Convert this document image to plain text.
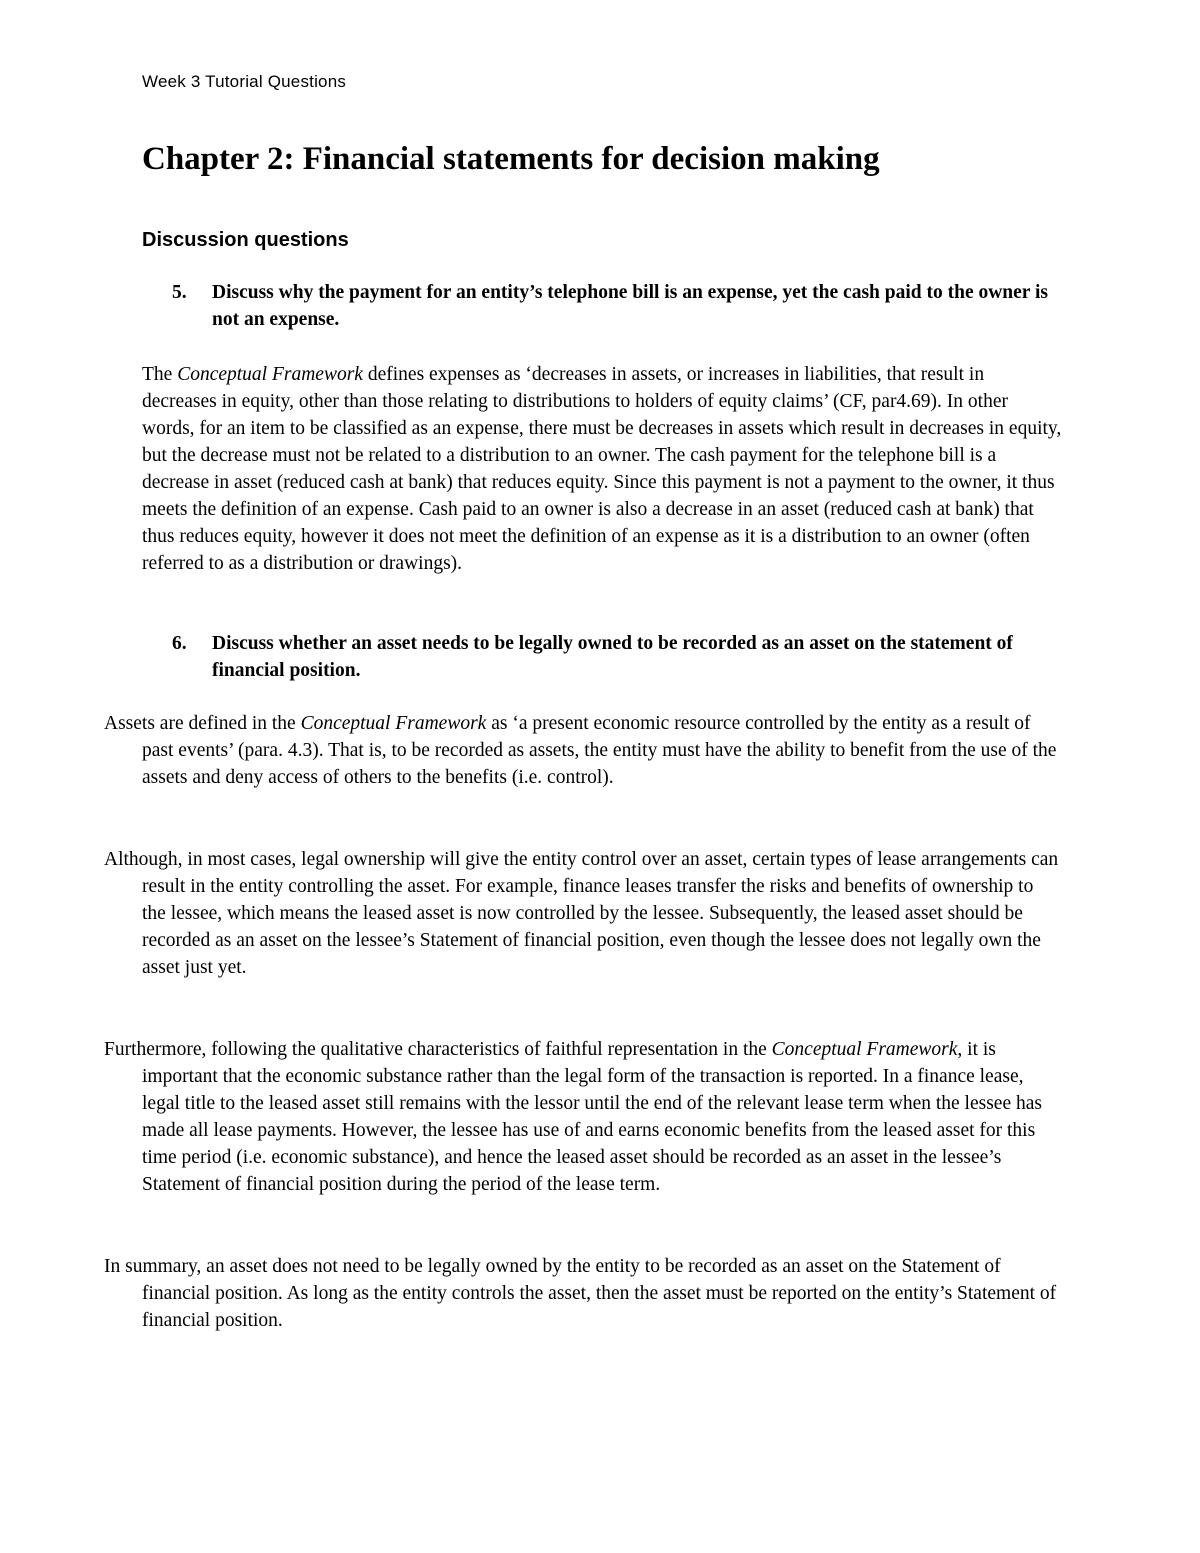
Week 3 Tutorial Questions
Chapter 2: Financial statements for decision making
Discussion questions
5.	Discuss why the payment for an entity’s telephone bill is an expense, yet the cash paid to the owner is not an expense.

The Conceptual Framework defines expenses as ‘decreases in assets, or increases in liabilities, that result in decreases in equity, other than those relating to distributions to holders of equity claims’ (CF, par4.69). In other words, for an item to be classified as an expense, there must be decreases in assets which result in decreases in equity, but the decrease must not be related to a distribution to an owner. The cash payment for the telephone bill is a decrease in asset (reduced cash at bank) that reduces equity. Since this payment is not a payment to the owner, it thus meets the definition of an expense. Cash paid to an owner is also a decrease in an asset (reduced cash at bank) that thus reduces equity, however it does not meet the definition of an expense as it is a distribution to an owner (often referred to as a distribution or drawings).

6.	Discuss whether an asset needs to be legally owned to be recorded as an asset on the statement of financial position.

Assets are defined in the Conceptual Framework as ‘a present economic resource controlled by the entity as a result of past events’ (para. 4.3). That is, to be recorded as assets, the entity must have the ability to benefit from the use of the assets and deny access of others to the benefits (i.e. control).

Although, in most cases, legal ownership will give the entity control over an asset, certain types of lease arrangements can result in the entity controlling the asset. For example, finance leases transfer the risks and benefits of ownership to the lessee, which means the leased asset is now controlled by the lessee. Subsequently, the leased asset should be recorded as an asset on the lessee’s Statement of financial position, even though the lessee does not legally own the asset just yet.

Furthermore, following the qualitative characteristics of faithful representation in the Conceptual Framework, it is important that the economic substance rather than the legal form of the transaction is reported. In a finance lease, legal title to the leased asset still remains with the lessor until the end of the relevant lease term when the lessee has made all lease payments. However, the lessee has use of and earns economic benefits from the leased asset for this time period (i.e. economic substance), and hence the leased asset should be recorded as an asset in the lessee’s Statement of financial position during the period of the lease term.

In summary, an asset does not need to be legally owned by the entity to be recorded as an asset on the Statement of financial position. As long as the entity controls the asset, then the asset must be reported on the entity’s Statement of financial position.
